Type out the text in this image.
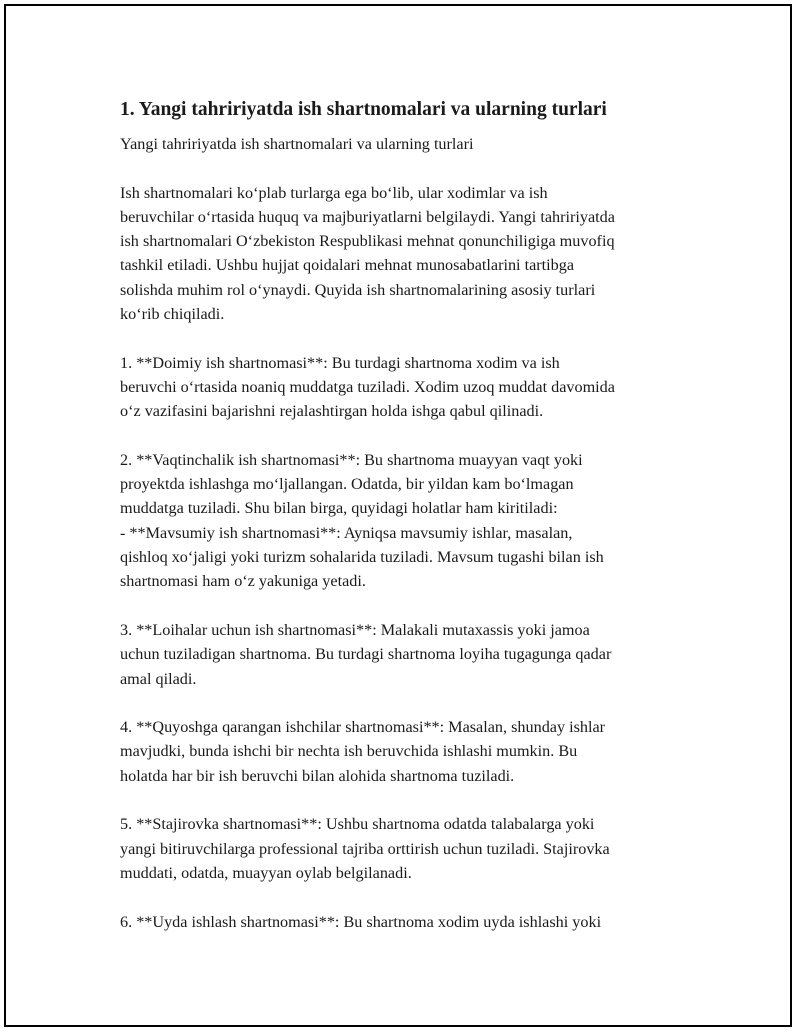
1. Yangi tahririyatda ish shartnomalari va ularning turlari
Yangi tahririyatda ish shartnomalari va ularning turlari
Ish shartnomalari ko‘plab turlarga ega bo‘lib, ular xodimlar va ish
beruvchilar o‘rtasida huquq va majburiyatlarni belgilaydi. Yangi tahririyatda
ish shartnomalari O‘zbekiston Respublikasi mehnat qonunchiligiga muvofiq
tashkil etiladi. Ushbu hujjat qoidalari mehnat munosabatlarini tartibga
solishda muhim rol o‘ynaydi. Quyida ish shartnomalarining asosiy turlari
ko‘rib chiqiladi.
1. **Doimiy ish shartnomasi**: Bu turdagi shartnoma xodim va ish
beruvchi o‘rtasida noaniq muddatga tuziladi. Xodim uzoq muddat davomida
o‘z vazifasini bajarishni rejalashtirgan holda ishga qabul qilinadi.
2. **Vaqtinchalik ish shartnomasi**: Bu shartnoma muayyan vaqt yoki
proyektda ishlashga mo‘ljallangan. Odatda, bir yildan kam bo‘lmagan
muddatga tuziladi. Shu bilan birga, quyidagi holatlar ham kiritiladi:
- **Mavsumiy ish shartnomasi**: Ayniqsa mavsumiy ishlar, masalan,
qishloq xo‘jaligi yoki turizm sohalarida tuziladi. Mavsum tugashi bilan ish
shartnomasi ham o‘z yakuniga yetadi.
3. **Loihalar uchun ish shartnomasi**: Malakali mutaxassis yoki jamoa
uchun tuziladigan shartnoma. Bu turdagi shartnoma loyiha tugagunga qadar
amal qiladi.
4. **Quyoshga qarangan ishchilar shartnomasi**: Masalan, shunday ishlar
mavjudki, bunda ishchi bir nechta ish beruvchida ishlashi mumkin. Bu
holatda har bir ish beruvchi bilan alohida shartnoma tuziladi.
5. **Stajirovka shartnomasi**: Ushbu shartnoma odatda talabalarga yoki
yangi bitiruvchilarga professional tajriba orttirish uchun tuziladi. Stajirovka
muddati, odatda, muayyan oylab belgilanadi.
6. **Uyda ishlash shartnomasi**: Bu shartnoma xodim uyda ishlashi yoki
